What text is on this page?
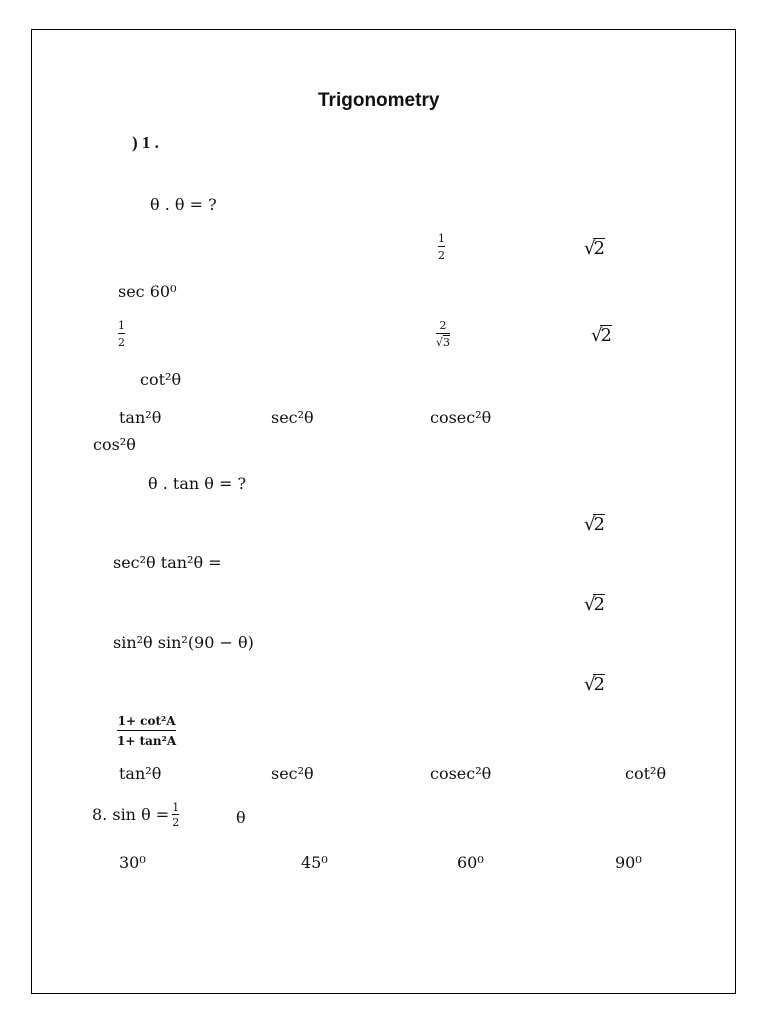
Trigonometry
) 1 .
θ . θ = ?
1
2	√2
sec 60⁰
1
2
2
√3	√2
cot²θ
tan²θ	sec²θ	cosec²θ
cos²θ
θ . tan θ = ?
√2
sec²θ tan²θ =
√2
sin²θ sin²(90 − θ)
√2
1+ cot²A
1+ tan²A
tan²θ	sec²θ	cosec²θ	cot²θ
8. $\sin \theta = \frac{1}{2}$	θ
30⁰	45⁰	60⁰	90⁰
